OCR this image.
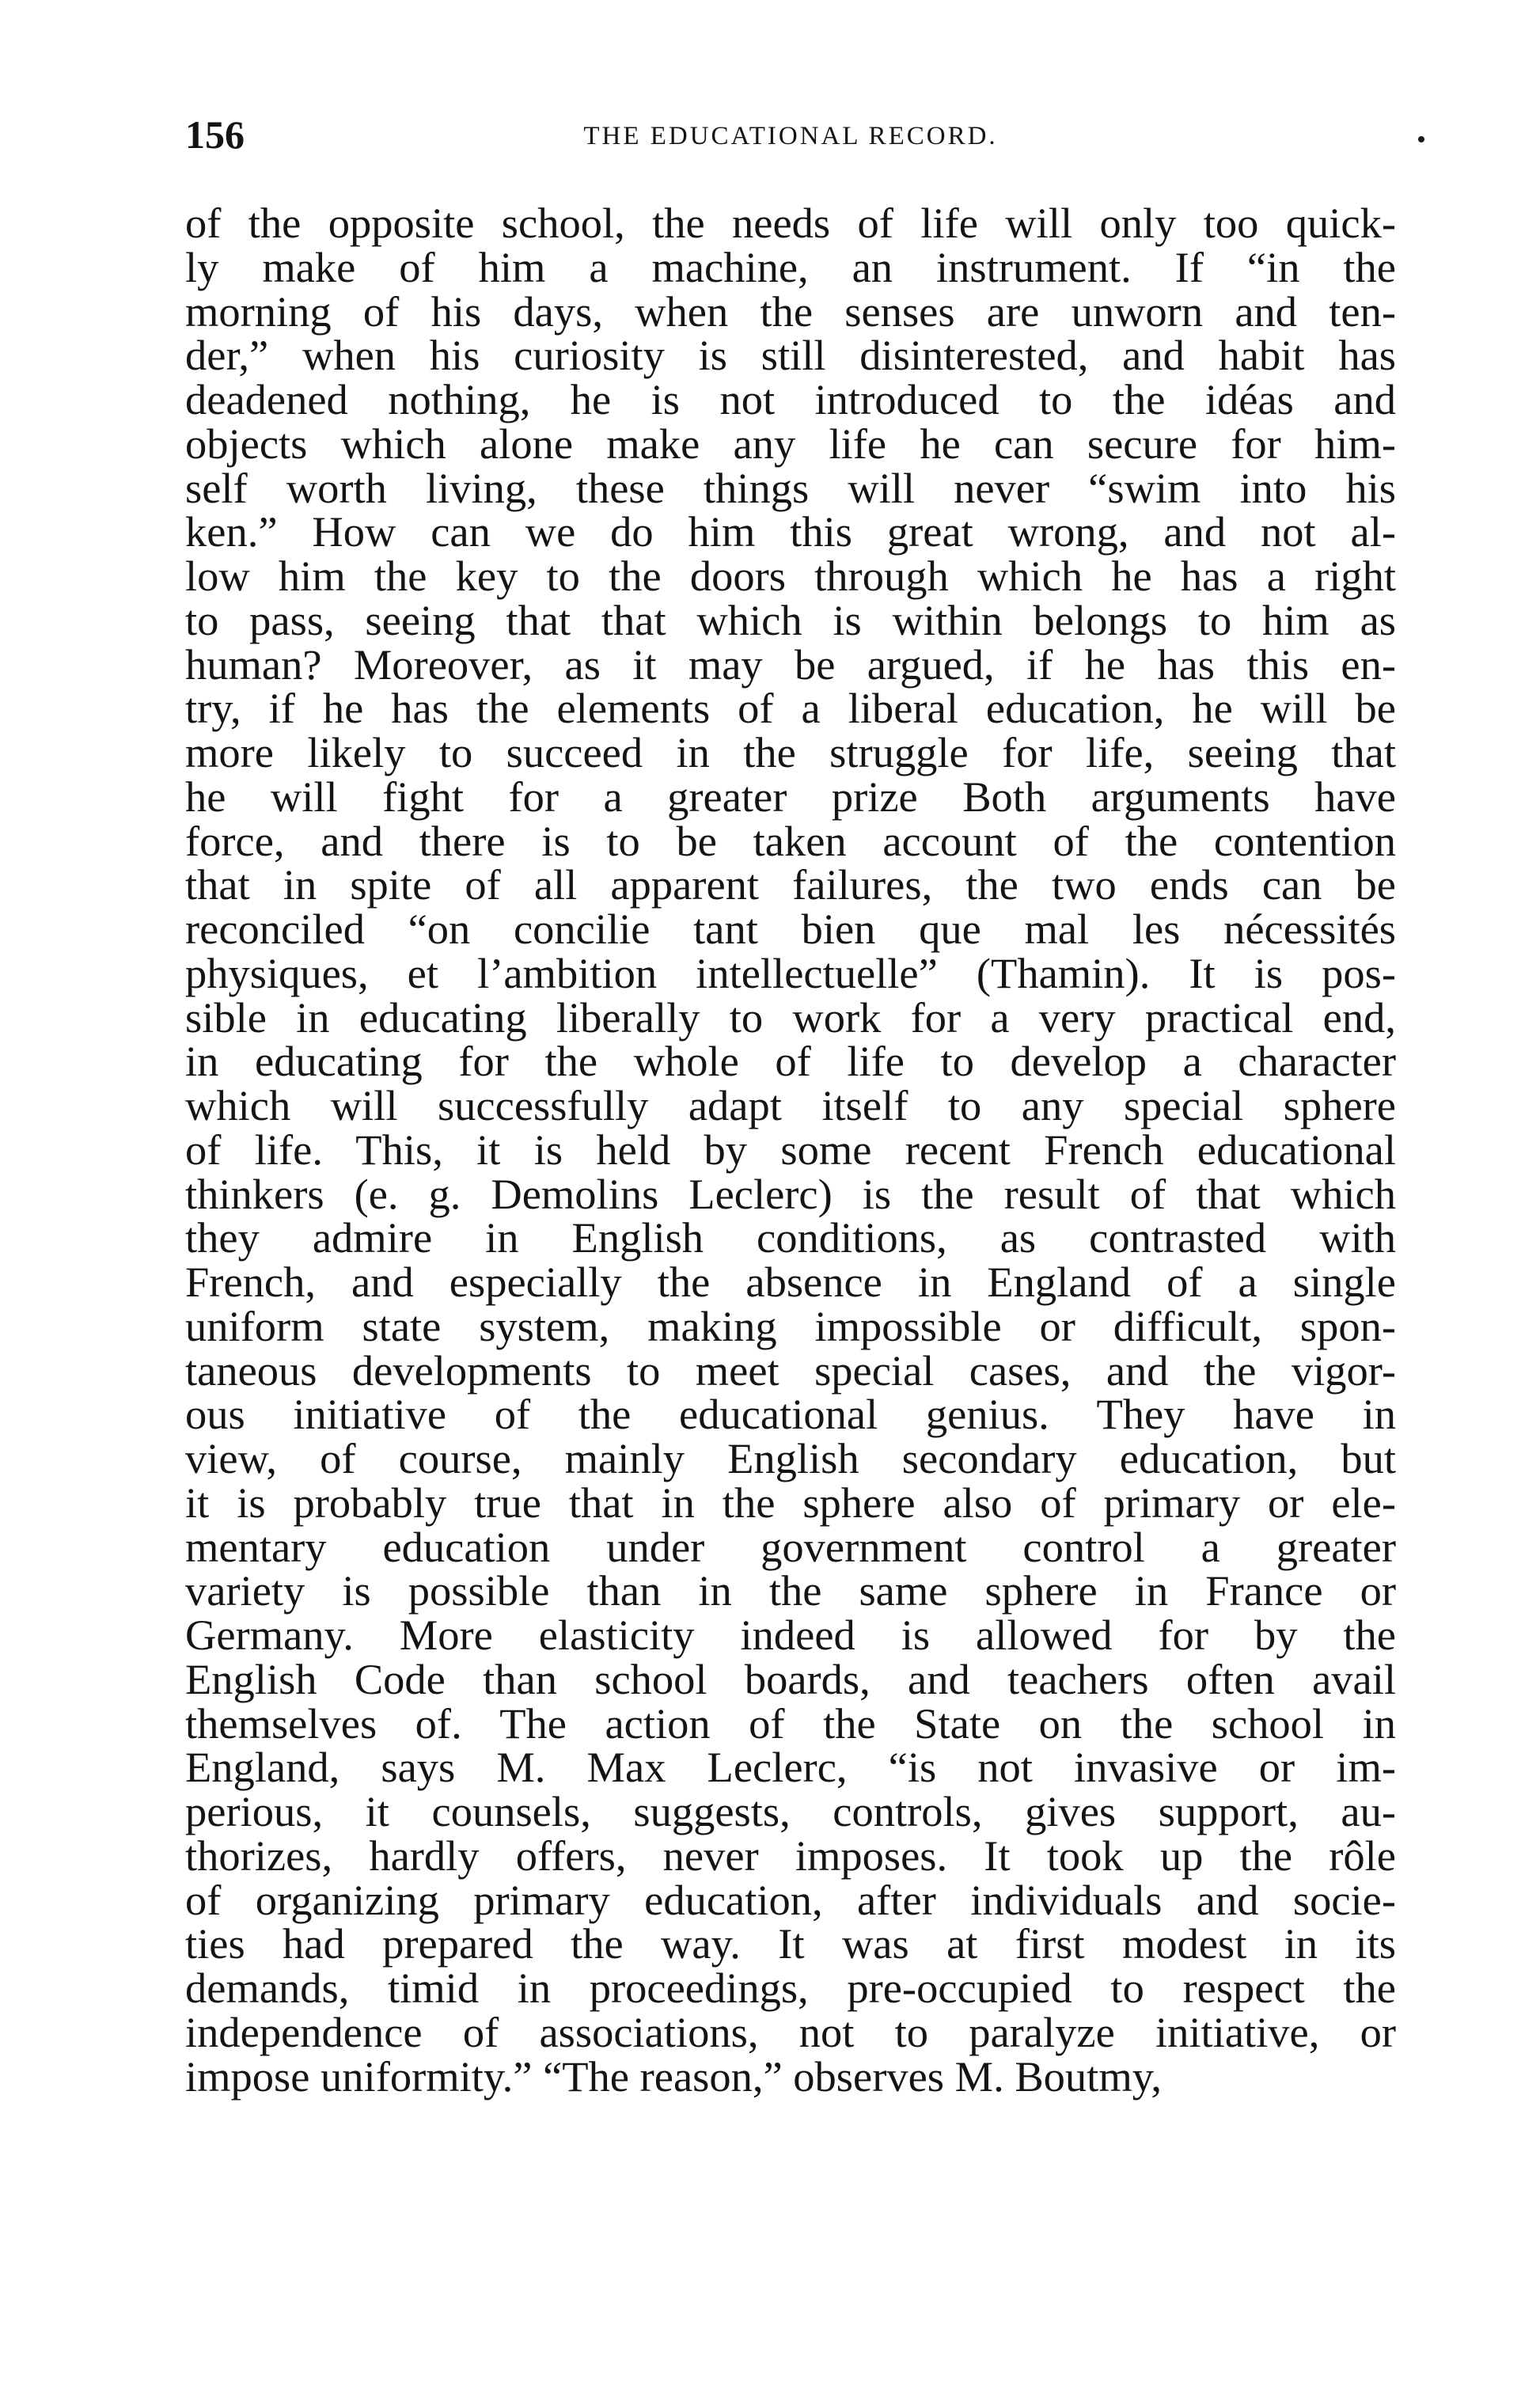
156	THE EDUCATIONAL RECORD.

of the opposite school, the needs of life will only too quick-
ly make of him a machine, an instrument. If “in the
morning of his days, when the senses are unworn and ten-
der,” when his curiosity is still disinterested, and habit has
deadened nothing, he is not introduced to the idéas and
objects which alone make any life he can secure for him-
self worth living, these things will never “swim into his
ken.” How can we do him this great wrong, and not al-
low him the key to the doors through which he has a right
to pass, seeing that that which is within belongs to him as
human? Moreover, as it may be argued, if he has this en-
try, if he has the elements of a liberal education, he will be
more likely to succeed in the struggle for life, seeing that
he will fight for a greater prize Both arguments have
force, and there is to be taken account of the contention
that in spite of all apparent failures, the two ends can be
reconciled “on concilie tant bien que mal les nécessités
physiques, et l’ambition intellectuelle” (Thamin). It is pos-
sible in educating liberally to work for a very practical end,
in educating for the whole of life to develop a character
which will successfully adapt itself to any special sphere
of life. This, it is held by some recent French educational
thinkers (e. g. Demolins Leclerc) is the result of that which
they admire in English conditions, as contrasted with
French, and especially the absence in England of a single
uniform state system, making impossible or difficult, spon-
taneous developments to meet special cases, and the vigor-
ous initiative of the educational genius. They have in
view, of course, mainly English secondary education, but
it is probably true that in the sphere also of primary or ele-
mentary education under government control a greater
variety is possible than in the same sphere in France or
Germany. More elasticity indeed is allowed for by the
English Code than school boards, and teachers often avail
themselves of. The action of the State on the school in
England, says M. Max Leclerc, “is not invasive or im-
perious, it counsels, suggests, controls, gives support, au-
thorizes, hardly offers, never imposes. It took up the rôle
of organizing primary education, after individuals and socie-
ties had prepared the way. It was at first modest in its
demands, timid in proceedings, pre-occupied to respect the
independence of associations, not to paralyze initiative, or
impose uniformity.” “The reason,” observes M. Boutmy,
